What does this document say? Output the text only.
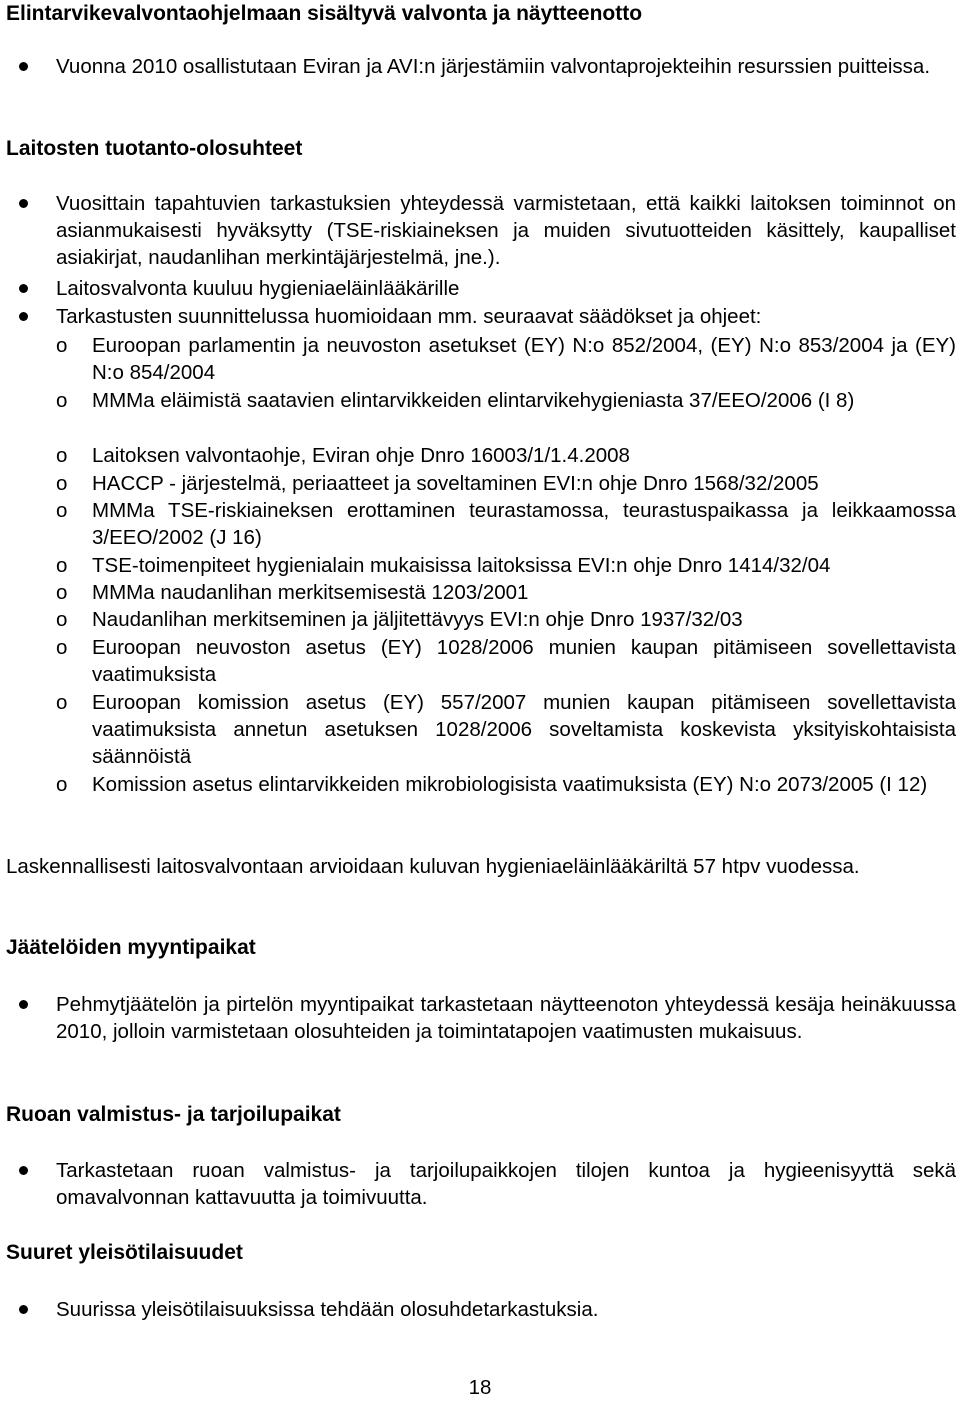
Elintarvikevalvontaohjelmaan sisältyvä valvonta ja näytteenotto
Vuonna 2010 osallistutaan Eviran ja AVI:n järjestämiin valvontaprojekteihin resurssien puitteissa.
Laitosten tuotanto-olosuhteet
Vuosittain tapahtuvien tarkastuksien yhteydessä varmistetaan, että kaikki laitoksen toiminnot on asianmukaisesti hyväksytty (TSE-riskiaineksen ja muiden sivutuotteiden käsittely, kaupalliset asiakirjat, naudanlihan merkintäjärjestelmä, jne.).
Laitosvalvonta kuuluu hygieniaeläinlääkärille
Tarkastusten suunnittelussa huomioidaan mm. seuraavat säädökset ja ohjeet:
o Euroopan parlamentin ja neuvoston asetukset (EY) N:o 852/2004, (EY) N:o 853/2004 ja (EY) N:o 854/2004
o MMMa eläimistä saatavien elintarvikkeiden elintarvikehygieniasta 37/EEO/2006 (I 8)
o Laitoksen valvontaohje, Eviran ohje Dnro 16003/1/1.4.2008
o HACCP - järjestelmä, periaatteet ja soveltaminen EVI:n ohje Dnro 1568/32/2005
o MMMa TSE-riskiaineksen erottaminen teurastamossa, teurastuspaikassa ja leikkaamossa 3/EEO/2002 (J 16)
o TSE-toimenpiteet hygienialain mukaisissa laitoksissa EVI:n ohje Dnro 1414/32/04
o MMMa naudanlihan merkitsemisestä 1203/2001
o Naudanlihan merkitseminen ja jäljitettävyys EVI:n ohje Dnro 1937/32/03
o Euroopan neuvoston asetus (EY) 1028/2006 munien kaupan pitämiseen sovellettavista vaatimuksista
o Euroopan komission asetus (EY) 557/2007 munien kaupan pitämiseen sovellettavista vaatimuksista annetun asetuksen 1028/2006 soveltamista koskevista yksityiskohtaisista säännöistä
o Komission asetus elintarvikkeiden mikrobiologisista vaatimuksista (EY) N:o 2073/2005 (I 12)
Laskennallisesti laitosvalvontaan arvioidaan kuluvan hygieniaeläinlääkäriltä 57 htpv vuodessa.
Jäätelöiden myyntipaikat
Pehmytjäätelön ja pirtelön myyntipaikat tarkastetaan näytteenoton yhteydessä kesäja heinäkuussa 2010, jolloin varmistetaan olosuhteiden ja toimintatapojen vaatimusten mukaisuus.
Ruoan valmistus- ja tarjoilupaikat
Tarkastetaan ruoan valmistus- ja tarjoilupaikkojen tilojen kuntoa ja hygieenisyyttä sekä omavalvonnan kattavuutta ja toimivuutta.
Suuret yleisötilaisuudet
Suurissa yleisötilaisuuksissa tehdään olosuhdetarkastuksia.
18
